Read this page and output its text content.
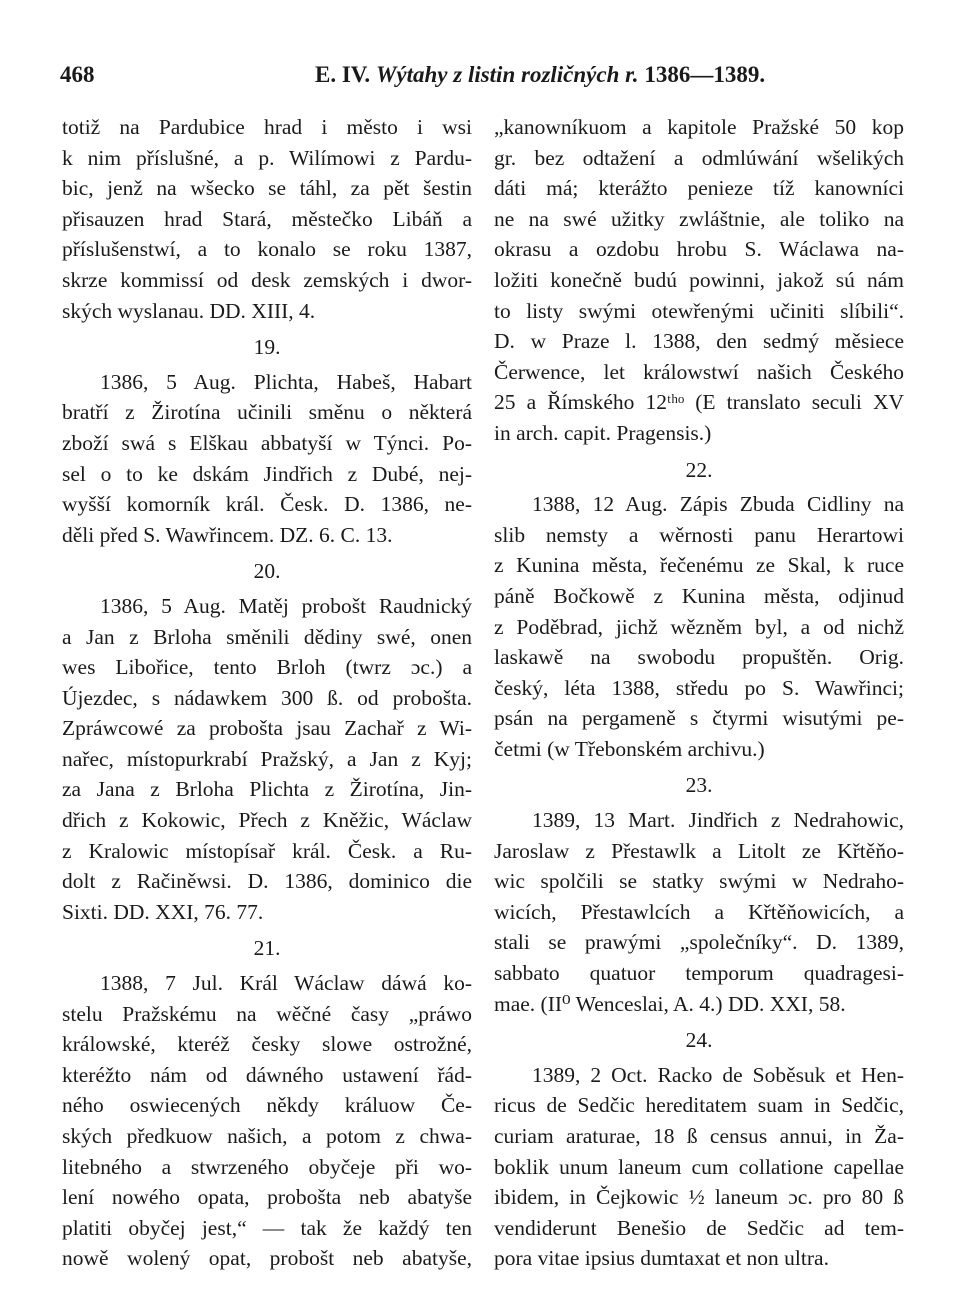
468	E. IV. Wýtahy z listin rozličných r. 1386—1389.
totiž na Pardubice hrad i město i wsi
k nim příslušné, a p. Wilímowi z Pardu-
bic, jenž na wšecko se táhl, za pět šestin
přisauzen hrad Stará, městečko Libáň a
příslušenstwí, a to konalo se roku 1387,
skrze kommissí od desk zemských i dwor-
ských wyslanau. DD. XIII, 4.
19.
1386, 5 Aug. Plichta, Habeš, Habart
bratří z Žirotína učinili směnu o některá
zboží swá s Elškau abbatyší w Týnci. Po-
sel o to ke dskám Jindřich z Dubé, nej-
wyšší komorník král. Česk. D. 1386, ne-
děli před S. Wawřincem. DZ. 6. C. 13.
20.
1386, 5 Aug. Matěj probošt Raudnický
a Jan z Brloha směnili dědiny swé, onen
wes Libořice, tento Brloh (twrz ɔc.) a
Újezdec, s nádawkem 300 ß. od probošta.
Zpráwcowé za probošta jsau Zachař z Wi-
nařec, místopurkrabí Pražský, a Jan z Kyj;
za Jana z Brloha Plichta z Žirotína, Jin-
dřich z Kokowic, Přech z Kněžic, Wáclaw
z Kralowic místopísař král. Česk. a Ru-
dolt z Račiněwsi. D. 1386, dominico die
Sixti. DD. XXI, 76. 77.
21.
1388, 7 Jul. Král Wáclaw dáwá ko-
stelu Pražskému na wěčné časy „práwo
králowské, kteréž česky slowe ostrožné,
kteréžto nám od dáwného ustawení řád-
ného oswiecených někdy králuow Če-
ských předkuow našich, a potom z chwa-
litebného a stwrzeného obyčeje při wo-
lení nowého opata, probošta neb abatyše
platiti obyčej jest,“ — tak že každý ten
nowě wolený opat, probošt neb abatyše,
„kanowníkuom a kapitole Pražské 50 kop
gr. bez odtažení a odmlúwání wšelikých
dáti má; kterážto penieze tíž kanowníci
ne na swé užitky zwláštnie, ale toliko na
okrasu a ozdobu hrobu S. Wáclawa na-
ložiti konečně budú powinni, jakož sú nám
to listy swými otewřenými učiniti slíbili“.
D. w Praze l. 1388, den sedmý měsiece
Čerwence, let králowstwí našich Českého
25 a Římského 12ᵗʰᵒ (E translato seculi XV
in arch. capit. Pragensis.)
22.
1388, 12 Aug. Zápis Zbuda Cidliny na
slib nemsty a wěrnosti panu Herartowi
z Kunina města, řečenému ze Skal, k ruce
páně Bočkowě z Kunina města, odjinud
z Poděbrad, jichž wězněm byl, a od nichž
laskawě na swobodu propuštěn. Orig.
český, léta 1388, středu po S. Wawřinci;
psán na pergameně s čtyrmi wisutými pe-
četmi (w Třebonském archivu.)
23.
1389, 13 Mart. Jindřich z Nedrahowic,
Jaroslaw z Přestawlk a Litolt ze Křtěňo-
wic spolčili se statky swými w Nedraho-
wicích, Přestawlcích a Křtěňowicích, a
stali se prawými „společníky“. D. 1389,
sabbato quatuor temporum quadragesi-
mae. (II⁰ Wenceslai, A. 4.) DD. XXI, 58.
24.
1389, 2 Oct. Racko de Soběsuk et Hen-
ricus de Sedčic hereditatem suam in Sedčic,
curiam araturae, 18 ß census annui, in Ža-
boklik unum laneum cum collatione capellae
ibidem, in Čejkowic ½ laneum ɔc. pro 80 ß
vendiderunt Benešio de Sedčic ad tem-
pora vitae ipsius dumtaxat et non ultra.
